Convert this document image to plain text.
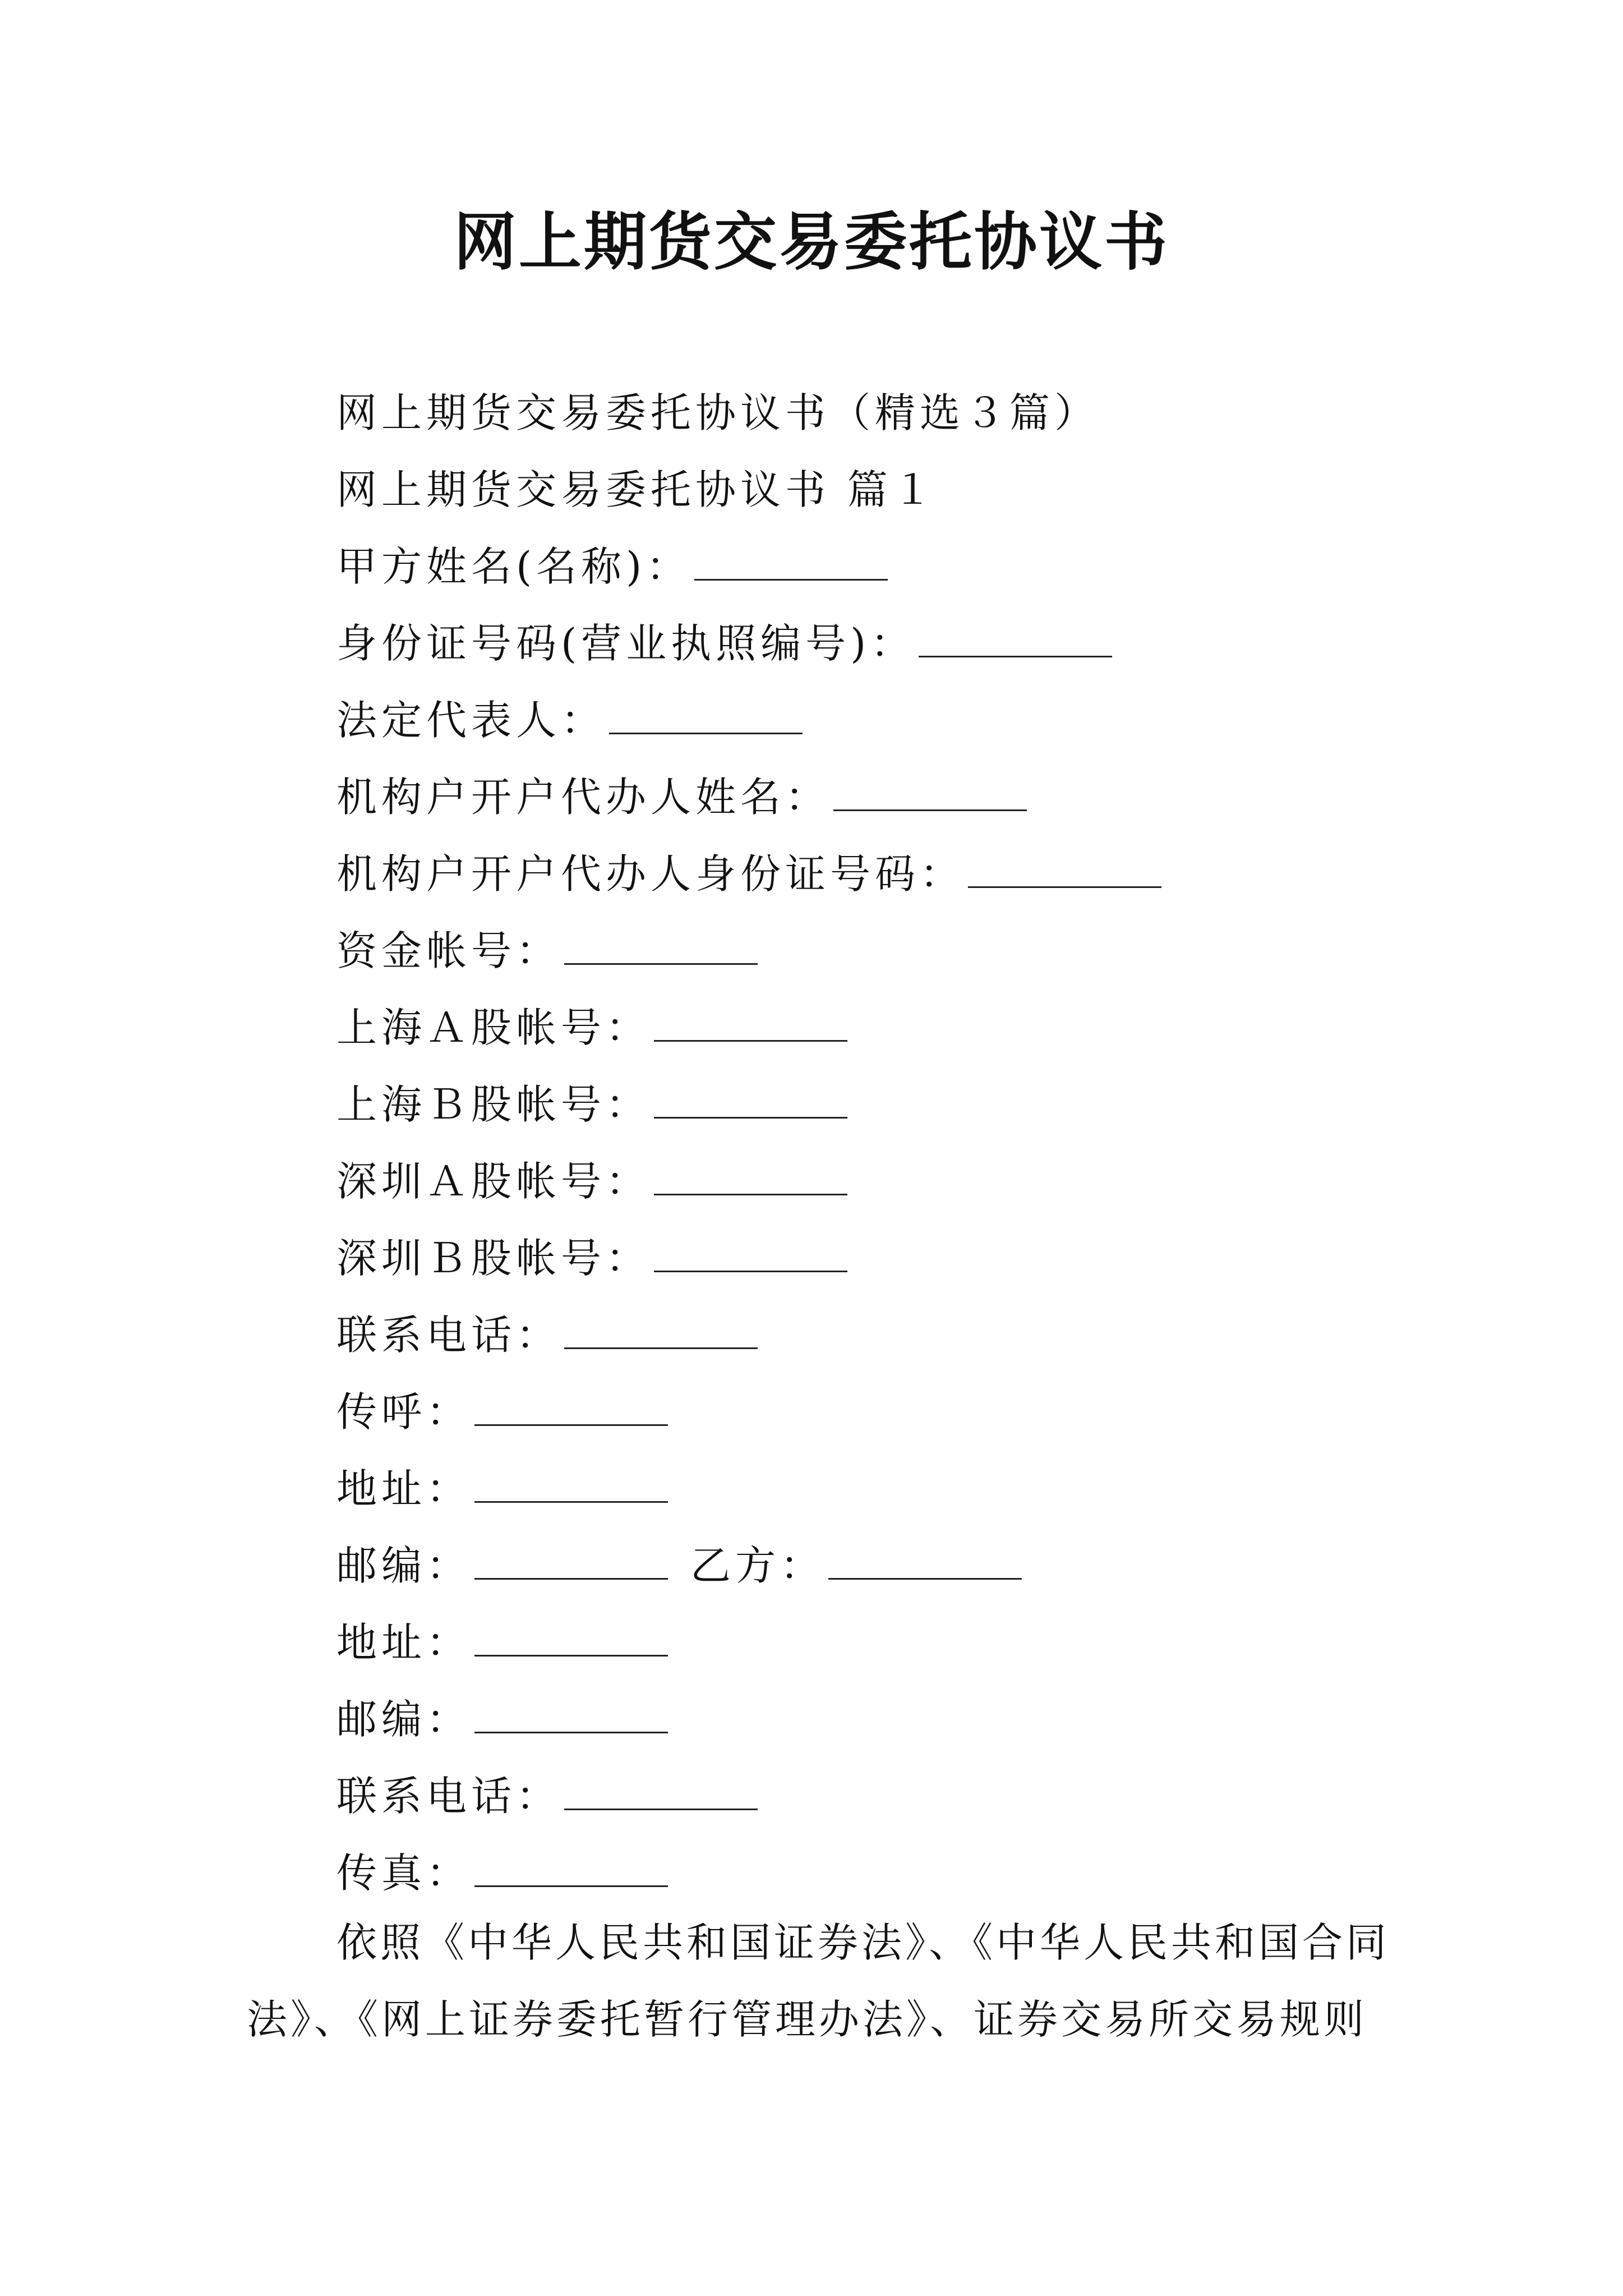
网上期货交易委托协议书
网上期货交易委托协议书（精选３篇）
网上期货交易委托协议书 篇１
甲方姓名(名称)：
身份证号码(营业执照编号)：
法定代表人：
机构户开户代办人姓名：
机构户开户代办人身份证号码：
资金帐号：
上海Ａ股帐号：
上海Ｂ股帐号：
深圳Ａ股帐号：
深圳Ｂ股帐号：
联系电话：
传呼：
地址：
邮编：	乙方：
地址：
邮编：
联系电话：
传真：

依照《中华人民共和国证券法》、《中华人民共和国合同
法》、《网上证券委托暂行管理办法》、证券交易所交易规则
